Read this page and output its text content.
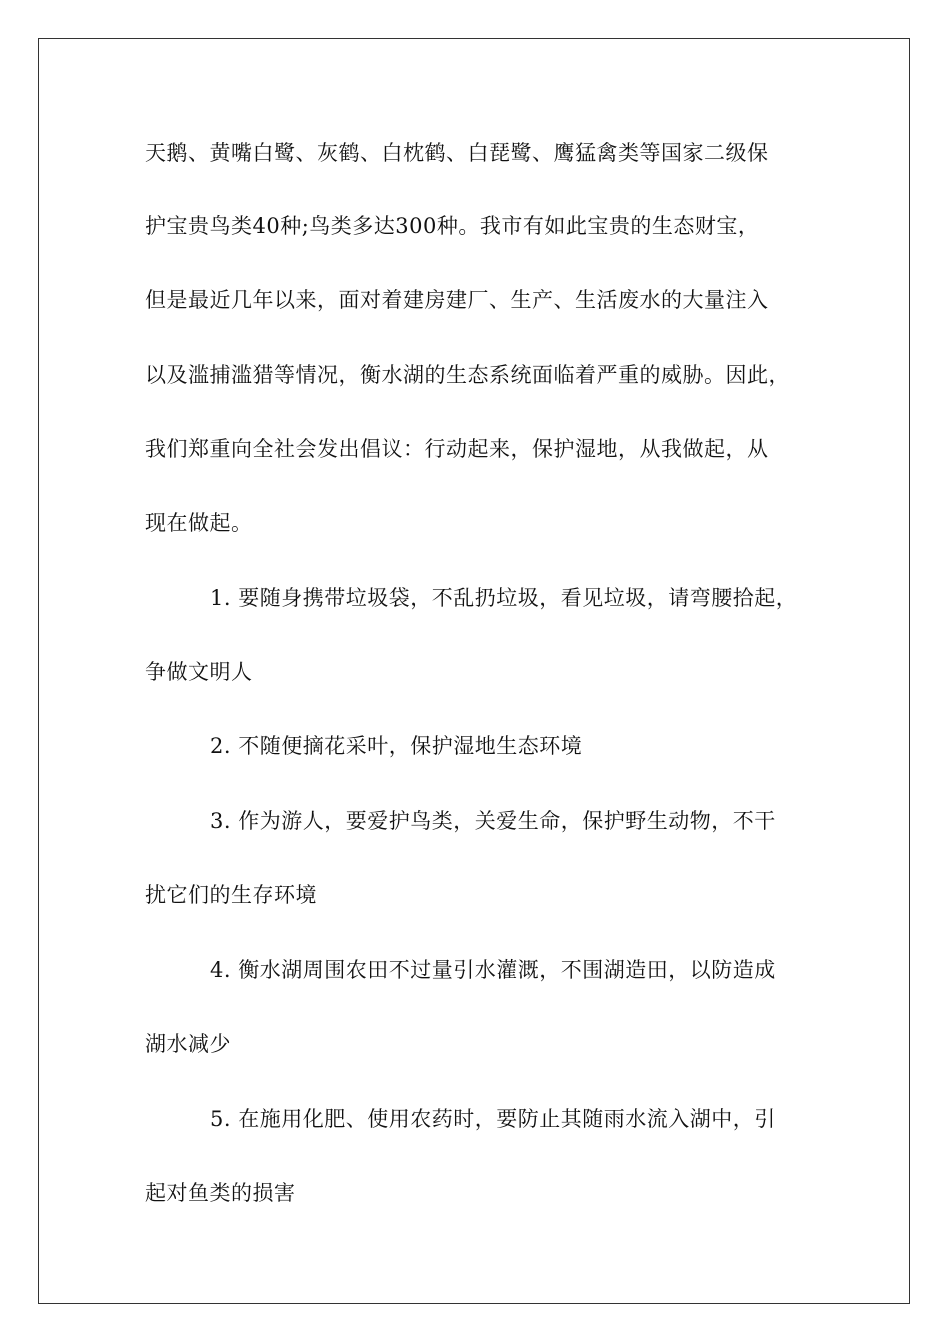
天鹅、黄嘴白鹭、灰鹤、白枕鹤、白琵鹭、鹰猛禽类等国家二级保
护宝贵鸟类40种;鸟类多达300种。我市有如此宝贵的生态财宝，
但是最近几年以来，面对着建房建厂、生产、生活废水的大量注入
以及滥捕滥猎等情况，衡水湖的生态系统面临着严重的威胁。因此，
我们郑重向全社会发出倡议：行动起来，保护湿地，从我做起，从
现在做起。
1. 要随身携带垃圾袋，不乱扔垃圾，看见垃圾，请弯腰拾起，
争做文明人
2. 不随便摘花采叶，保护湿地生态环境
3. 作为游人，要爱护鸟类，关爱生命，保护野生动物，不干
扰它们的生存环境
4. 衡水湖周围农田不过量引水灌溉，不围湖造田，以防造成
湖水减少
5. 在施用化肥、使用农药时，要防止其随雨水流入湖中，引
起对鱼类的损害
